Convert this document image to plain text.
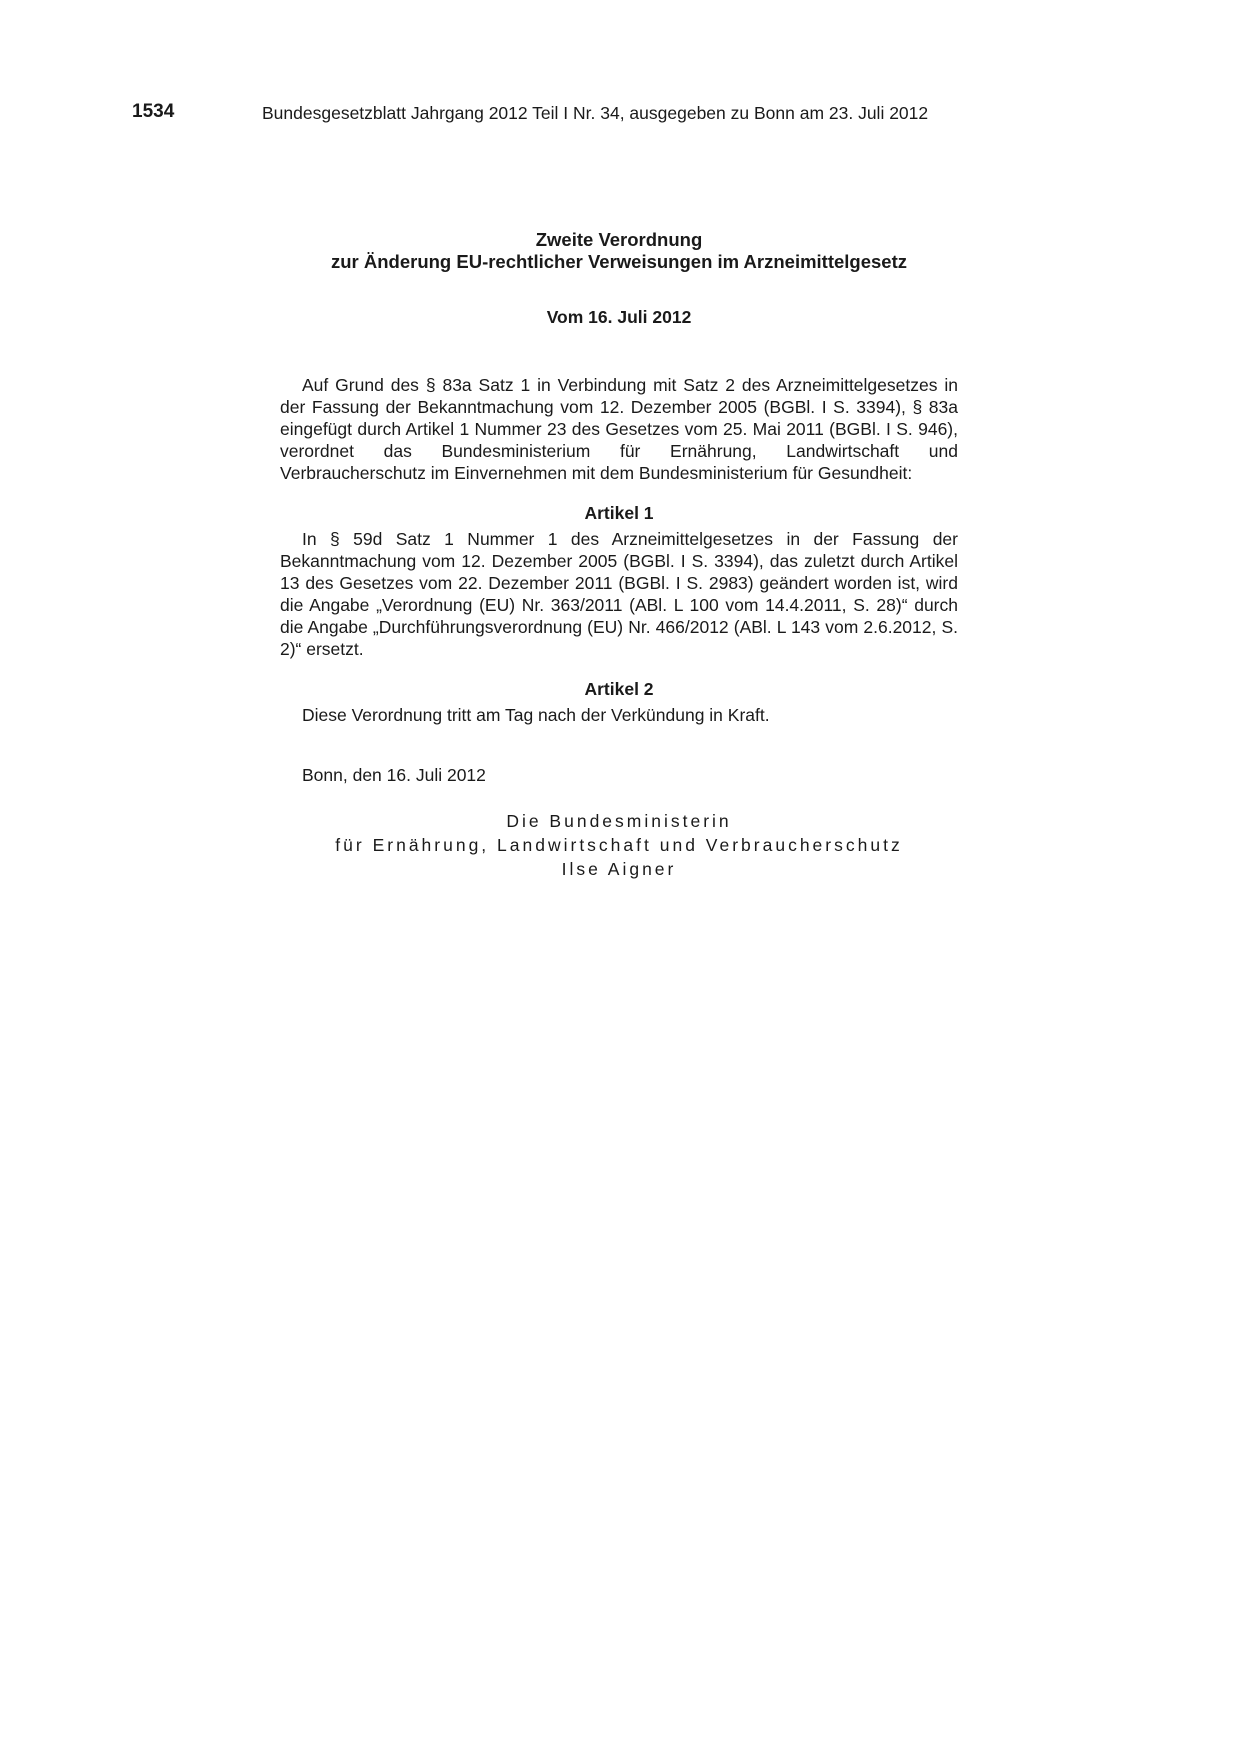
1534	Bundesgesetzblatt Jahrgang 2012 Teil I Nr. 34, ausgegeben zu Bonn am 23. Juli 2012
Zweite Verordnung
zur Änderung EU-rechtlicher Verweisungen im Arzneimittelgesetz
Vom 16. Juli 2012
Auf Grund des § 83a Satz 1 in Verbindung mit Satz 2 des Arzneimittelgesetzes in der Fassung der Bekanntmachung vom 12. Dezember 2005 (BGBl. I S. 3394), § 83a eingefügt durch Artikel 1 Nummer 23 des Gesetzes vom 25. Mai 2011 (BGBl. I S. 946), verordnet das Bundesministerium für Ernährung, Landwirtschaft und Verbraucherschutz im Einvernehmen mit dem Bundesministerium für Gesundheit:
Artikel 1
In § 59d Satz 1 Nummer 1 des Arzneimittelgesetzes in der Fassung der Bekanntmachung vom 12. Dezember 2005 (BGBl. I S. 3394), das zuletzt durch Artikel 13 des Gesetzes vom 22. Dezember 2011 (BGBl. I S. 2983) geändert worden ist, wird die Angabe „Verordnung (EU) Nr. 363/2011 (ABl. L 100 vom 14.4.2011, S. 28)“ durch die Angabe „Durchführungsverordnung (EU) Nr. 466/2012 (ABl. L 143 vom 2.6.2012, S. 2)“ ersetzt.
Artikel 2
Diese Verordnung tritt am Tag nach der Verkündung in Kraft.
Bonn, den 16. Juli 2012
Die Bundesministerin
für Ernährung, Landwirtschaft und Verbraucherschutz
Ilse Aigner
